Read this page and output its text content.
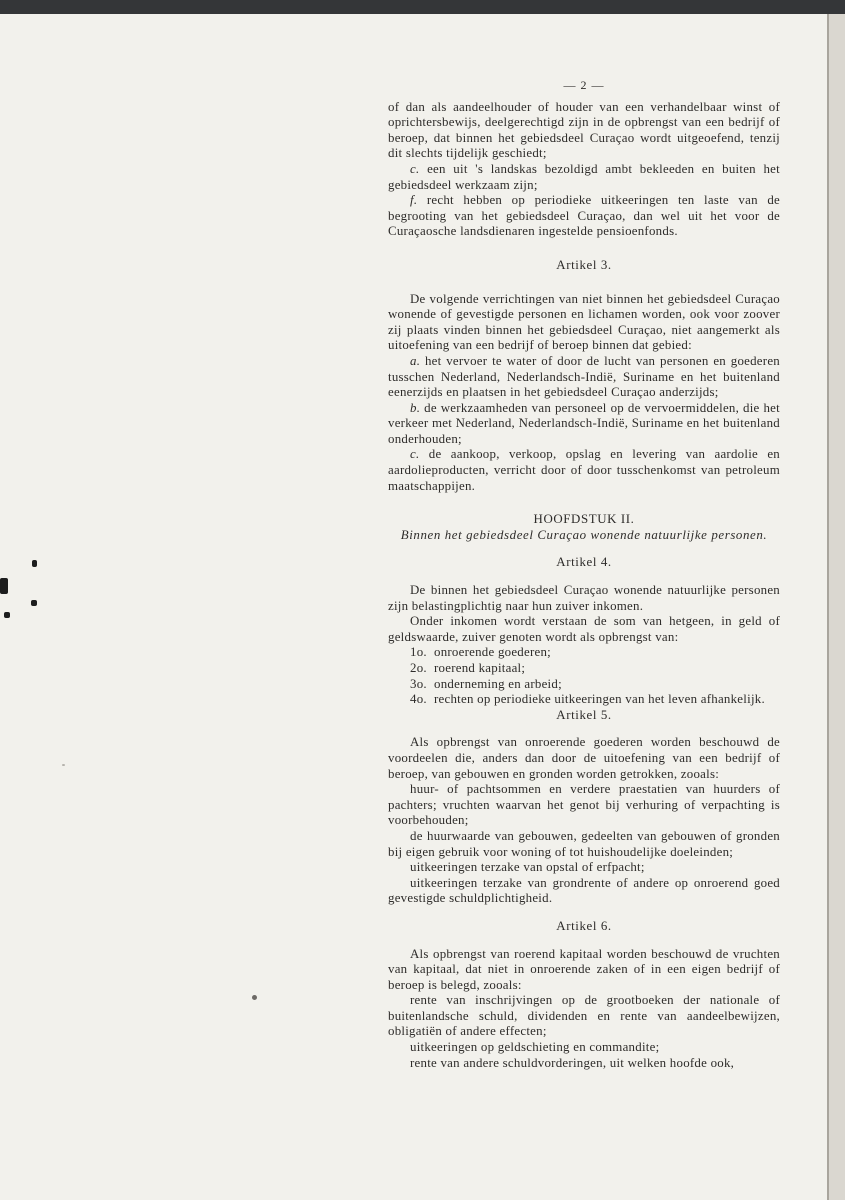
— 2 —

of dan als aandeelhouder of houder van een verhandelbaar winst of oprichtersbewijs, deelgerechtigd zijn in de opbrengst van een bedrijf of beroep, dat binnen het gebiedsdeel Curaçao wordt uitgeoefend, tenzij dit slechts tijdelijk geschiedt;

c. een uit 's landskas bezoldigd ambt bekleeden en buiten het gebiedsdeel werkzaam zijn;

f. recht hebben op periodieke uitkeeringen ten laste van de begrooting van het gebiedsdeel Curaçao, dan wel uit het voor de Curaçaosche landsdienaren ingestelde pensioenfonds.

Artikel 3.

De volgende verrichtingen van niet binnen het gebiedsdeel Curaçao wonende of gevestigde personen en lichamen worden, ook voor zoover zij plaats vinden binnen het gebiedsdeel Curaçao, niet aangemerkt als uitoefening van een bedrijf of beroep binnen dat gebied:

a. het vervoer te water of door de lucht van personen en goederen tusschen Nederland, Nederlandsch-Indië, Suriname en het buitenland eenerzijds en plaatsen in het gebiedsdeel Curaçao anderzijds;

b. de werkzaamheden van personeel op de vervoermiddelen, die het verkeer met Nederland, Nederlandsch-Indië, Suriname en het buitenland onderhouden;

c. de aankoop, verkoop, opslag en levering van aardolie en aardolieproducten, verricht door of door tusschenkomst van petroleum maatschappijen.

HOOFDSTUK II.

Binnen het gebiedsdeel Curaçao wonende natuurlijke personen.

Artikel 4.

De binnen het gebiedsdeel Curaçao wonende natuurlijke personen zijn belastingplichtig naar hun zuiver inkomen.

Onder inkomen wordt verstaan de som van hetgeen, in geld of geldswaarde, zuiver genoten wordt als opbrengst van:

1o. onroerende goederen;
2o. roerend kapitaal;
3o. onderneming en arbeid;
4o. rechten op periodieke uitkeeringen van het leven afhankelijk.

Artikel 5.

Als opbrengst van onroerende goederen worden beschouwd de voordeelen die, anders dan door de uitoefening van een bedrijf of beroep, van gebouwen en gronden worden getrokken, zooals:

huur- of pachtsommen en verdere praestatien van huurders of pachters; vruchten waarvan het genot bij verhuring of verpachting is voorbehouden;

de huurwaarde van gebouwen, gedeelten van gebouwen of gronden bij eigen gebruik voor woning of tot huishoudelijke doeleinden;

uitkeeringen terzake van opstal of erfpacht;

uitkeeringen terzake van grondrente of andere op onroerend goed gevestigde schuldplichtigheid.

Artikel 6.

Als opbrengst van roerend kapitaal worden beschouwd de vruchten van kapitaal, dat niet in onroerende zaken of in een eigen bedrijf of beroep is belegd, zooals:

rente van inschrijvingen op de grootboeken der nationale of buitenlandsche schuld, dividenden en rente van aandeelbewijzen, obligatiën of andere effecten;

uitkeeringen op geldschieting en commandite;

rente van andere schuldvorderingen, uit welken hoofde ook,
